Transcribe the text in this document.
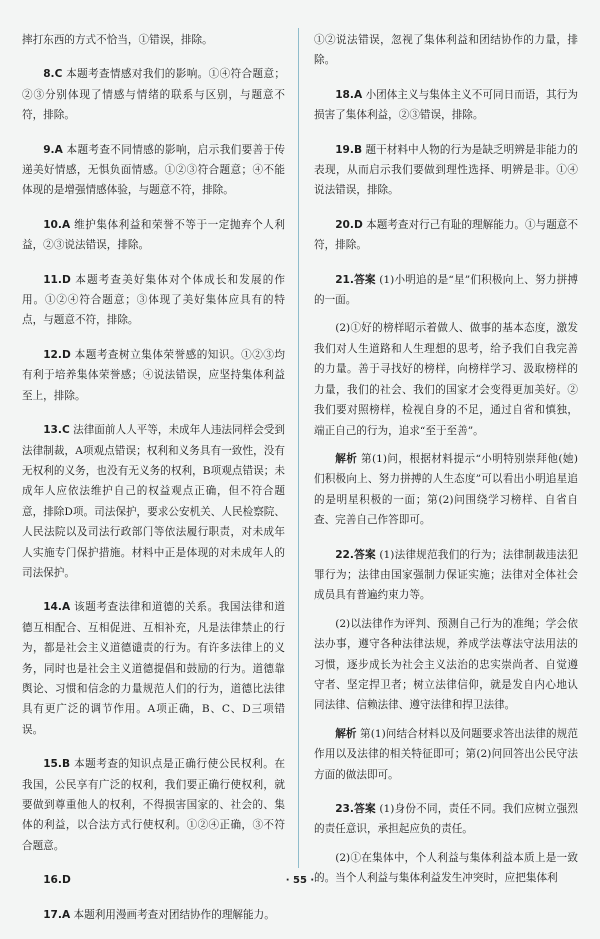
摔打东西的方式不恰当，①错误，排除。
8.C 本题考查情感对我们的影响。①④符合题意；②③分别体现了情感与情绪的联系与区别，与题意不符，排除。
9.A 本题考查不同情感的影响，启示我们要善于传递美好情感，无惧负面情感。①②③符合题意；④不能体现的是增强情感体验，与题意不符，排除。
10.A 维护集体利益和荣誉不等于一定抛弃个人利益，②③说法错误，排除。
11.D 本题考查美好集体对个体成长和发展的作用。①②④符合题意；③体现了美好集体应具有的特点，与题意不符，排除。
12.D 本题考查树立集体荣誉感的知识。①②③均有利于培养集体荣誉感；④说法错误，应坚持集体利益至上，排除。
13.C 法律面前人人平等，未成年人违法同样会受到法律制裁，A项观点错误；权利和义务具有一致性，没有无权利的义务，也没有无义务的权利，B项观点错误；未成年人应依法维护自己的权益观点正确，但不符合题意，排除D项。司法保护，要求公安机关、人民检察院、人民法院以及司法行政部门等依法履行职责，对未成年人实施专门保护措施。材料中正是体现的对未成年人的司法保护。
14.A 该题考查法律和道德的关系。我国法律和道德互相配合、互相促进、互相补充，凡是法律禁止的行为，都是社会主义道德谴责的行为。有许多法律上的义务，同时也是社会主义道德提倡和鼓励的行为。道德靠舆论、习惯和信念的力量规范人们的行为，道德比法律具有更广泛的调节作用。A项正确，B、C、D三项错误。
15.B 本题考查的知识点是正确行使公民权利。在我国，公民享有广泛的权利，我们要正确行使权利，就要做到尊重他人的权利，不得损害国家的、社会的、集体的利益，以合法方式行使权利。①②④正确，③不符合题意。
16.D
17.A 本题利用漫画考查对团结协作的理解能力。
①②说法错误，忽视了集体利益和团结协作的力量，排除。
18.A 小团体主义与集体主义不可同日而语，其行为损害了集体利益，②③错误，排除。
19.B 题干材料中人物的行为是缺乏明辨是非能力的表现，从而启示我们要做到理性选择、明辨是非。①④说法错误，排除。
20.D 本题考查对行己有耻的理解能力。①与题意不符，排除。
21.答案 (1)小明追的是“星”们积极向上、努力拼搏的一面。
(2)①好的榜样昭示着做人、做事的基本态度，激发我们对人生道路和人生理想的思考，给予我们自我完善的力量。善于寻找好的榜样，向榜样学习、汲取榜样的力量，我们的社会、我们的国家才会变得更加美好。②我们要对照榜样，检视自身的不足，通过自省和慎独，端正自己的行为，追求“至于至善”。
解析 第(1)问，根据材料提示“小明特别崇拜他(她)们积极向上、努力拼搏的人生态度”可以看出小明追星追的是明星积极的一面；第(2)问围绕学习榜样、自省自查、完善自己作答即可。
22.答案 (1)法律规范我们的行为；法律制裁违法犯罪行为；法律由国家强制力保证实施；法律对全体社会成员具有普遍约束力等。
(2)以法律作为评判、预测自己行为的准绳；学会依法办事，遵守各种法律法规，养成学法尊法守法用法的习惯，逐步成长为社会主义法治的忠实崇尚者、自觉遵守者、坚定捍卫者；树立法律信仰，就是发自内心地认同法律、信赖法律、遵守法律和捍卫法律。
解析 第(1)问结合材料以及问题要求答出法律的规范作用以及法律的相关特征即可；第(2)问回答出公民守法方面的做法即可。
23.答案 (1)身份不同，责任不同。我们应树立强烈的责任意识，承担起应负的责任。
(2)①在集体中，个人利益与集体利益本质上是一致的。当个人利益与集体利益发生冲突时，应把集体利
· 55 ·
